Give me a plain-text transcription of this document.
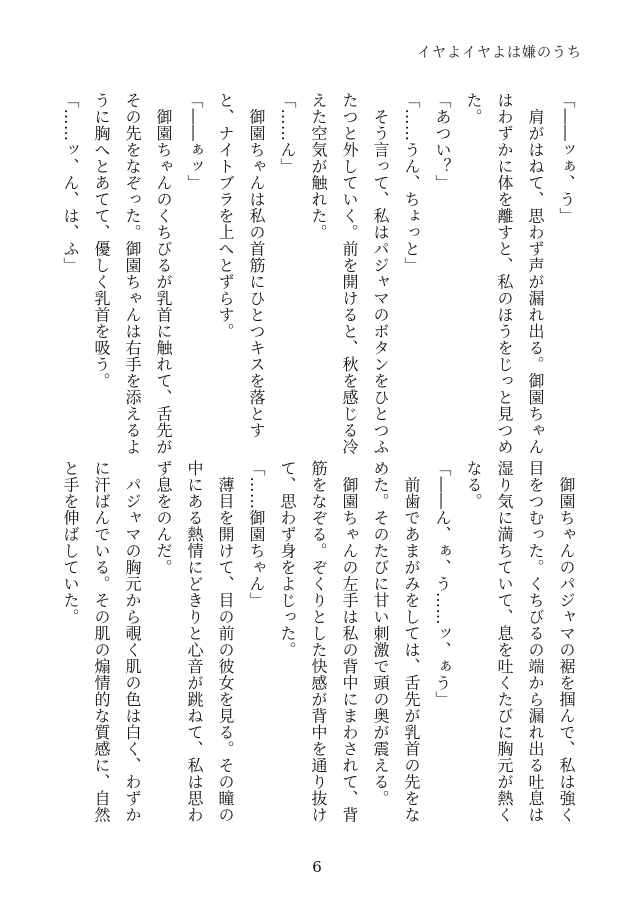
イヤよイヤよは嫌のうち
「――ッぁ、う」
　肩がはねて、思わず声が漏れ出る。御園ちゃん
はわずかに体を離すと、私のほうをじっと見つめ
た。
「あつい？」
「……うん、ちょっと」
　そう言って、私はパジャマのボタンをひとつふ
たつと外していく。前を開けると、秋を感じる冷
えた空気が触れた。
「……ん」
　御園ちゃんは私の首筋にひとつキスを落とす
と、ナイトブラを上へとずらす。
「――ぁッ」
　御園ちゃんのくちびるが乳首に触れて、舌先が
その先をなぞった。御園ちゃんは右手を添えるよ
うに胸へとあてて、優しく乳首を吸う。
「……ッ、ん、は、ふ」
　御園ちゃんのパジャマの裾を掴んで、私は強く
目をつむった。くちびるの端から漏れ出る吐息は
湿り気に満ちていて、息を吐くたびに胸元が熱く
なる。
「――ん、ぁ、う……ッ、ぁう」
　前歯であまがみをしては、舌先が乳首の先をな
めた。そのたびに甘い刺激で頭の奥が震える。
　御園ちゃんの左手は私の背中にまわされて、背
筋をなぞる。ぞくりとした快感が背中を通り抜け
て、思わず身をよじった。
「……御園ちゃん」
　薄目を開けて、目の前の彼女を見る。その瞳の
中にある熱情にどきりと心音が跳ねて、私は思わ
ず息をのんだ。
　パジャマの胸元から覗く肌の色は白く、わずか
に汗ばんでいる。その肌の煽情的な質感に、自然
と手を伸ばしていた。
6
